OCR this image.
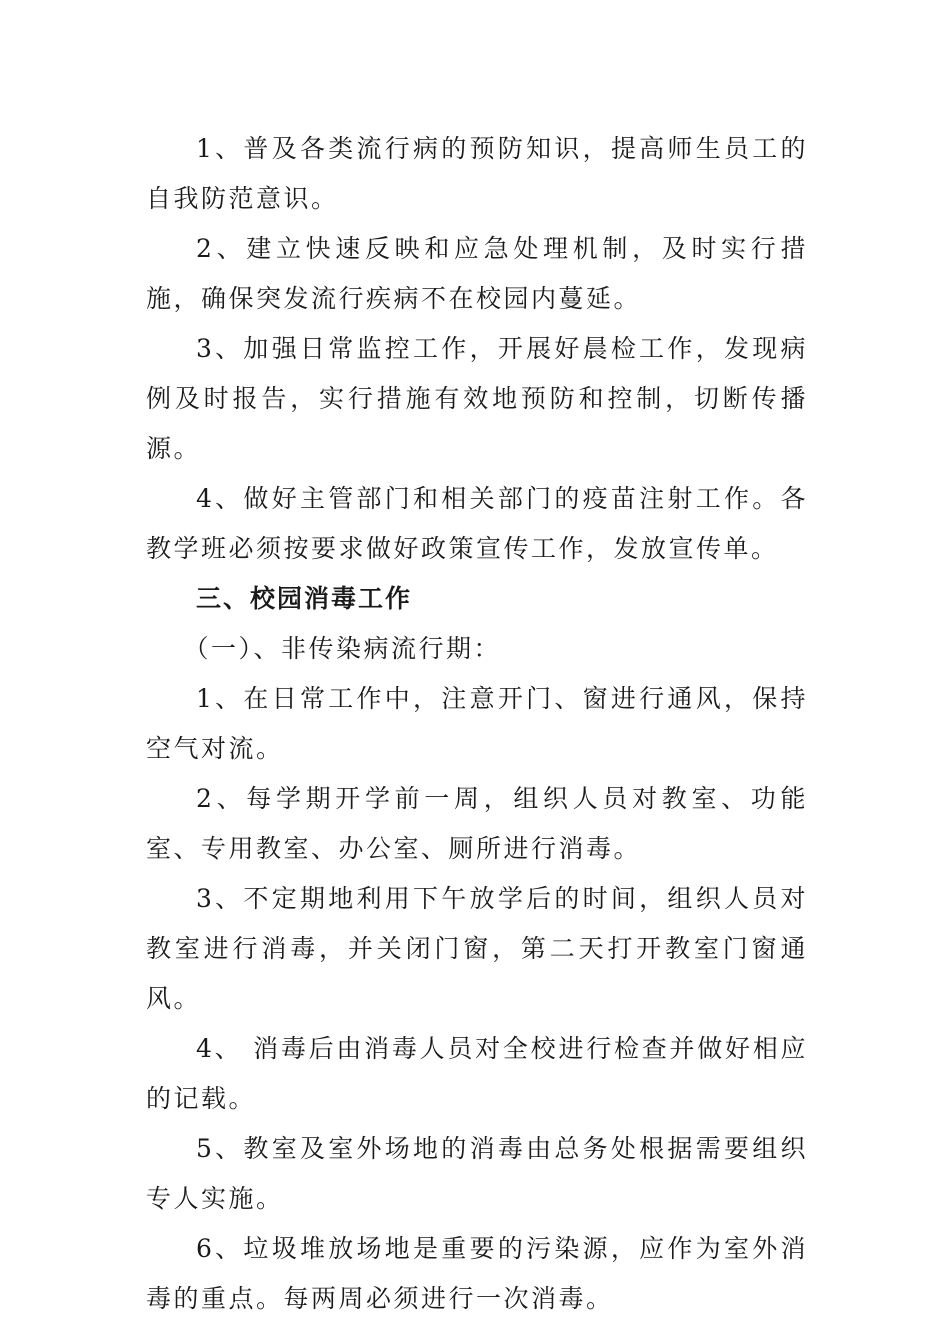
1、普及各类流行病的预防知识，提高师生员工的自我防范意识。

2、建立快速反映和应急处理机制，及时实行措施，确保突发流行疾病不在校园内蔓延。

3、加强日常监控工作，开展好晨检工作，发现病例及时报告，实行措施有效地预防和控制，切断传播源。

4、做好主管部门和相关部门的疫苗注射工作。各教学班必须按要求做好政策宣传工作，发放宣传单。

三、校园消毒工作

（一）、非传染病流行期：

1、在日常工作中，注意开门、窗进行通风，保持空气对流。

2、每学期开学前一周，组织人员对教室、功能室、专用教室、办公室、厕所进行消毒。

3、不定期地利用下午放学后的时间，组织人员对教室进行消毒，并关闭门窗，第二天打开教室门窗通风。

4、 消毒后由消毒人员对全校进行检查并做好相应的记载。

5、教室及室外场地的消毒由总务处根据需要组织专人实施。

6、垃圾堆放场地是重要的污染源，应作为室外消毒的重点。每两周必须进行一次消毒。
